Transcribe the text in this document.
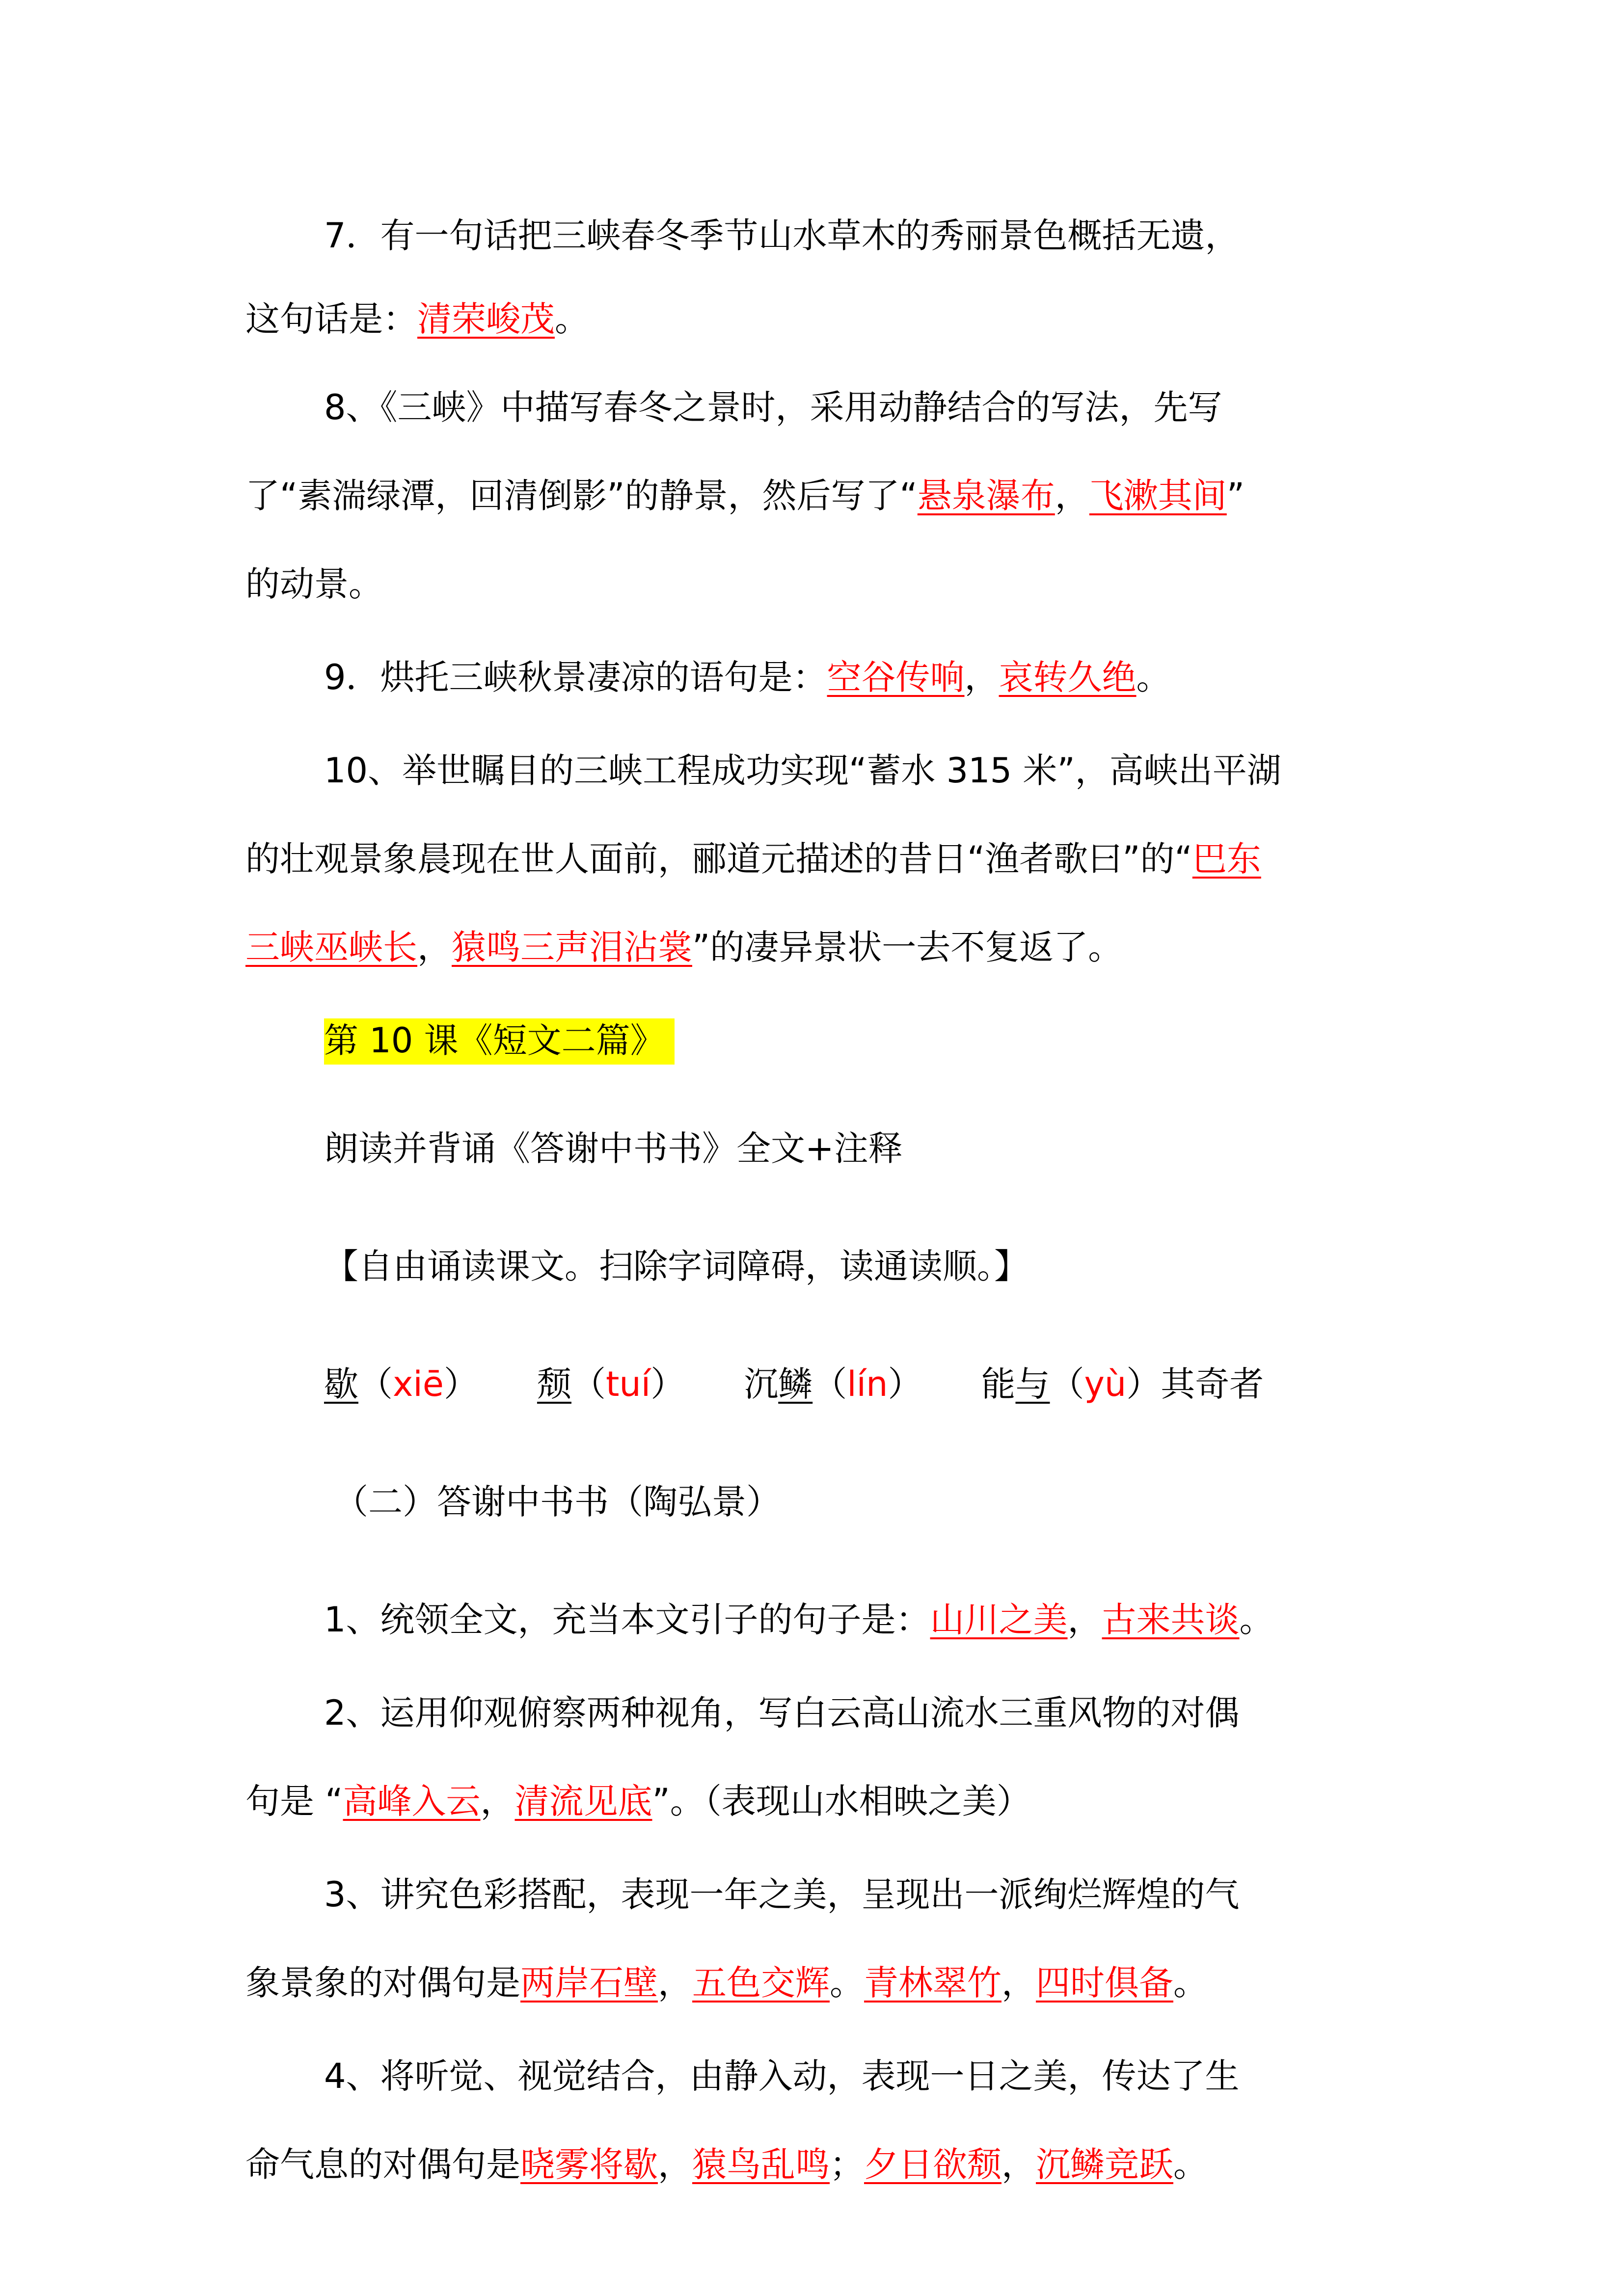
7．有一句话把三峡春冬季节山水草木的秀丽景色概括无遗，
这句话是：清荣峻茂。
8、《三峡》中描写春冬之景时，采用动静结合的写法，先写
了“素湍绿潭，回清倒影”的静景，然后写了“悬泉瀑布，飞漱其间”
的动景。
9．烘托三峡秋景凄凉的语句是：空谷传响，哀转久绝。
10、举世瞩目的三峡工程成功实现“蓄水 315 米”，高峡出平湖
的壮观景象晨现在世人面前，郦道元描述的昔日“渔者歌曰”的“巴东
三峡巫峡长，猿鸣三声泪沾裳”的凄异景状一去不复返了。
第 10 课《短文二篇》
朗读并背诵《答谢中书书》全文+注释
【自由诵读课文。扫除字词障碍，读通读顺。】
歇（xiē） 颓（tuí） 沉鳞（lín） 能与（yù）其奇者
（二）答谢中书书（陶弘景）
1、统领全文，充当本文引子的句子是：山川之美，古来共谈。
2、运用仰观俯察两种视角，写白云高山流水三重风物的对偶
句是 “高峰入云，清流见底”。（表现山水相映之美）
3、讲究色彩搭配，表现一年之美，呈现出一派绚烂辉煌的气
象景象的对偶句是两岸石壁，五色交辉。青林翠竹，四时俱备。
4、将听觉、视觉结合，由静入动，表现一日之美，传达了生
命气息的对偶句是晓雾将歇，猿鸟乱鸣；夕日欲颓，沉鳞竞跃。
